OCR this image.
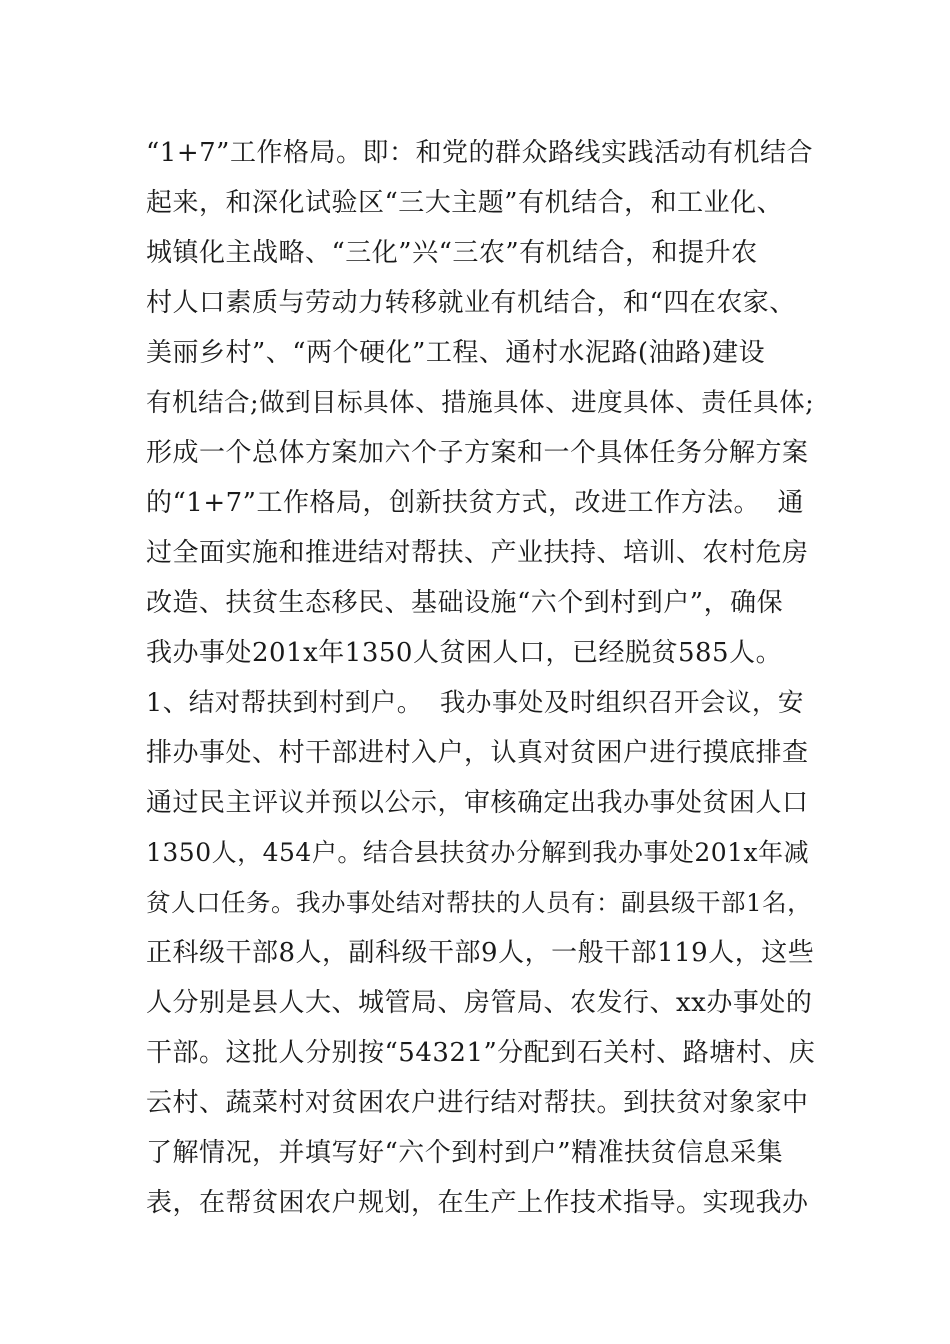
“1+7”工作格局。即：和党的群众路线实践活动有机结合
起来，和深化试验区“三大主题”有机结合，和工业化、
城镇化主战略、“三化”兴“三农”有机结合，和提升农
村人口素质与劳动力转移就业有机结合，和“四在农家、
美丽乡村”、“两个硬化”工程、通村水泥路(油路)建设
有机结合;做到目标具体、措施具体、进度具体、责任具体;
形成一个总体方案加六个子方案和一个具体任务分解方案
的“1+7”工作格局，创新扶贫方式，改进工作方法。  通
过全面实施和推进结对帮扶、产业扶持、培训、农村危房
改造、扶贫生态移民、基础设施“六个到村到户”，确保
我办事处201x年1350人贫困人口，已经脱贫585人。
1、结对帮扶到村到户。  我办事处及时组织召开会议，安
排办事处、村干部进村入户，认真对贫困户进行摸底排查
通过民主评议并预以公示，审核确定出我办事处贫困人口
1350人，454户。结合县扶贫办分解到我办事处201x年减
贫人口任务。我办事处结对帮扶的人员有：副县级干部1名，
正科级干部8人，副科级干部9人，一般干部119人，这些
人分别是县人大、城管局、房管局、农发行、xx办事处的
干部。这批人分别按“54321”分配到石关村、路塘村、庆
云村、蔬菜村对贫困农户进行结对帮扶。到扶贫对象家中
了解情况，并填写好“六个到村到户”精准扶贫信息采集
表，在帮贫困农户规划，在生产上作技术指导。实现我办
